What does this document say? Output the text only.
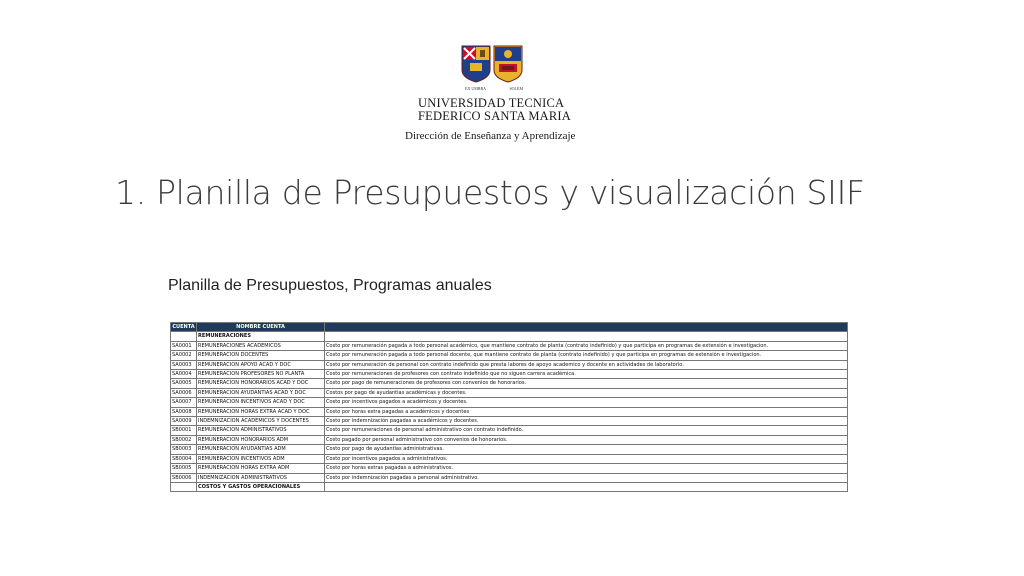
EX UMBRA	SOLEM
UNIVERSIDAD TECNICA
FEDERICO SANTA MARIA
Dirección de Enseñanza y Aprendizaje
1. Planilla de Presupuestos y visualización SIIF
Planilla de Presupuestos, Programas anuales
CUENTA	NOMBRE CUENTA	
	REMUNERACIONES	
SA0001	REMUNERACIONES ACADEMICOS	Costo por remuneración pagada a todo personal académico, que mantiene contrato de planta (contrato indefinido) y que participa en programas de extensión e investigacion.
SA0002	REMUNERACION DOCENTES	Costo por remuneración pagada a todo personal docente, que mantiene contrato de planta (contrato indefinido) y que participa en programas de extensión e investigacion.
SA0003	REMUNERACION APOYO ACAD Y DOC	Costo por remuneración de personal con contrato indefinido que presta labores de apoyo academico y docente en actividades de laboratorio.
SA0004	REMUNERACION PROFESORES NO PLANTA	Costo por remuneraciones de profesores con contrato indefinido que no siguen carrera académica.
SA0005	REMUNERACION HONORARIOS ACAD Y DOC	Costo por pago de remuneraciones de profesores con convenios de honorarios.
SA0006	REMUNERACION AYUDANTIAS ACAD Y DOC	Costos por pago de ayudantias académicas y docentes.
SA0007	REMUNERACION INCENTIVOS ACAD Y DOC	Costo por incentivos pagados a académicos y docentes.
SA0008	REMUNERACION HORAS EXTRA ACAD Y DOC	Costo por horas extra pagadas a académicos y docentes
SA0009	INDEMNIZACION ACADEMICOS Y DOCENTES	Costo por indemnización pagadas a académicos y docentes.
SB0001	REMUNERACION ADMINISTRATIVOS	Costo por remuneraciones de personal administrativo con contrato indefinido.
SB0002	REMUNERACION HONORARIOS ADM	Costo pagado por personal administrativo con convenios de honorarios.
SB0003	REMUNERACION AYUDANTIAS ADM	Costo por pago de ayudantias administrativas.
SB0004	REMUNERACION INCENTIVOS ADM	Costo por incentivos pagados a administrativos.
SB0005	REMUNERACION HORAS EXTRA ADM	Costo por horas extras pagadas a administrativos.
SB0006	INDEMNIZACION ADMINISTRATIVOS	Costo por indemnización pagadas a personal administrativo.
	COSTOS Y GASTOS OPERACIONALES	
